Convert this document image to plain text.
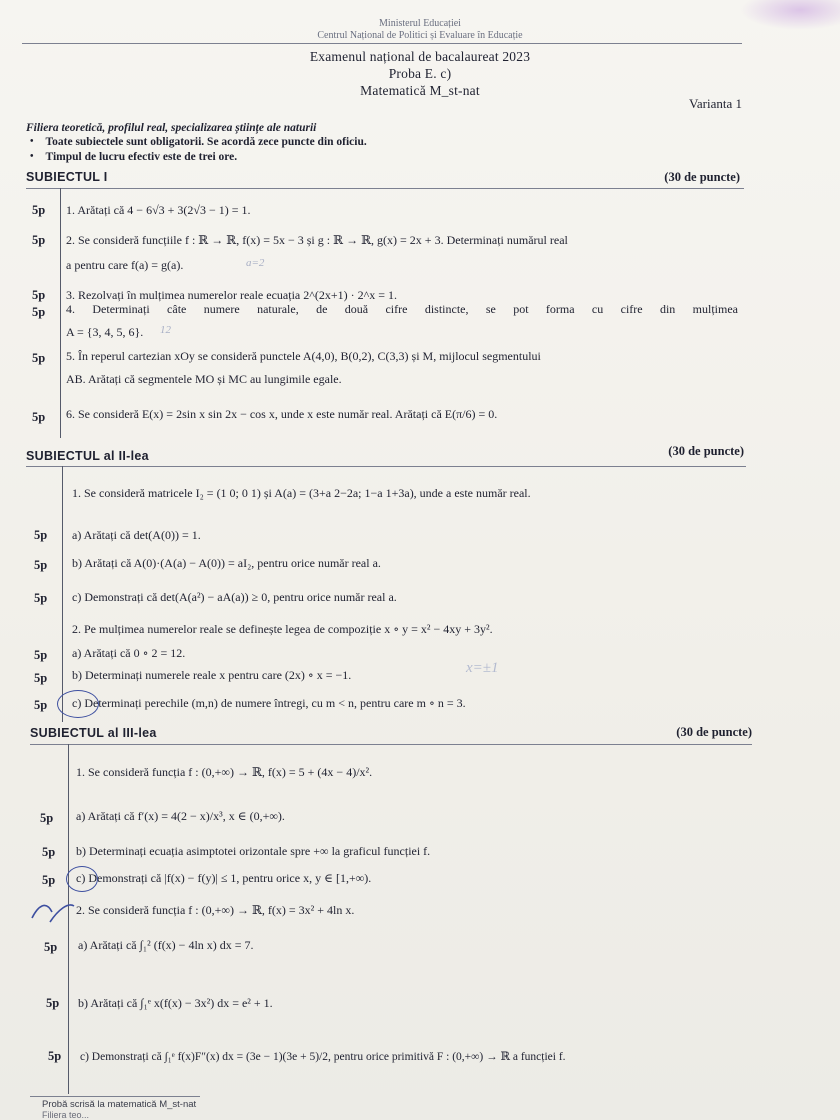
Ministerul Educației
Centrul Național de Politici și Evaluare în Educație
Examenul național de bacalaureat 2023
Proba E. c)
Matematică M_st-nat
Varianta 1
Filiera teoretică, profilul real, specializarea științe ale naturii
• Toate subiectele sunt obligatorii. Se acordă zece puncte din oficiu.
• Timpul de lucru efectiv este de trei ore.
SUBIECTUL I	(30 de puncte)
5p 1. Arătați că 4 − 6√3 + 3(2√3 − 1) = 1.
5p 2. Se consideră funcțiile f : ℝ → ℝ, f(x) = 5x − 3 și g : ℝ → ℝ, g(x) = 2x + 3. Determinați numărul real
a pentru care f(a) = g(a).	a=2
5p 3. Rezolvați în mulțimea numerelor reale ecuația 2^(2x+1) · 2^x = 1.
5p 4. Determinați câte numere naturale, de două cifre distincte, se pot forma cu cifre din mulțimea
A = {3, 4, 5, 6}. 12
5p 5. În reperul cartezian xOy se consideră punctele A(4,0), B(0,2), C(3,3) și M, mijlocul segmentului
AB. Arătați că segmentele MO și MC au lungimile egale.
5p 6. Se consideră E(x) = 2sin x sin 2x − cos x, unde x este număr real. Arătați că E(π/6) = 0.
SUBIECTUL al II-lea	(30 de puncte)
1. Se consideră matricele I₂ = (1 0; 0 1) și A(a) = (3+a 2−2a; 1−a 1+3a), unde a este număr real.
5p a) Arătați că det(A(0)) = 1.
5p b) Arătați că A(0)·(A(a) − A(0)) = aI₂, pentru orice număr real a.
5p c) Demonstrați că det(A(a²) − aA(a)) ≥ 0, pentru orice număr real a.
2. Pe mulțimea numerelor reale se definește legea de compoziție x ∘ y = x² − 4xy + 3y².
5p a) Arătați că 0 ∘ 2 = 12.
5p b) Determinați numerele reale x pentru care (2x) ∘ x = −1.	x=±1
5p c) Determinați perechile (m,n) de numere întregi, cu m < n, pentru care m ∘ n = 3.
SUBIECTUL al III-lea	(30 de puncte)
1. Se consideră funcția f : (0,+∞) → ℝ, f(x) = 5 + (4x − 4)/x².
5p a) Arătați că f′(x) = 4(2 − x)/x³, x ∈ (0,+∞).
5p b) Determinați ecuația asimptotei orizontale spre +∞ la graficul funcției f.
5p c) Demonstrați că |f(x) − f(y)| ≤ 1, pentru orice x, y ∈ [1,+∞).
2. Se consideră funcția f : (0,+∞) → ℝ, f(x) = 3x² + 4ln x.
5p a) Arătați că ∫₁² (f(x) − 4ln x) dx = 7.
5p b) Arătați că ∫₁ᵉ x(f(x) − 3x²) dx = e² + 1.
5p c) Demonstrați că ∫₁ᵉ f(x)F″(x) dx = (3e − 1)(3e + 5)/2, pentru orice primitivă F : (0,+∞) → ℝ a funcției f.
Probă scrisă la matematică M_st-nat
Filiera teo...
